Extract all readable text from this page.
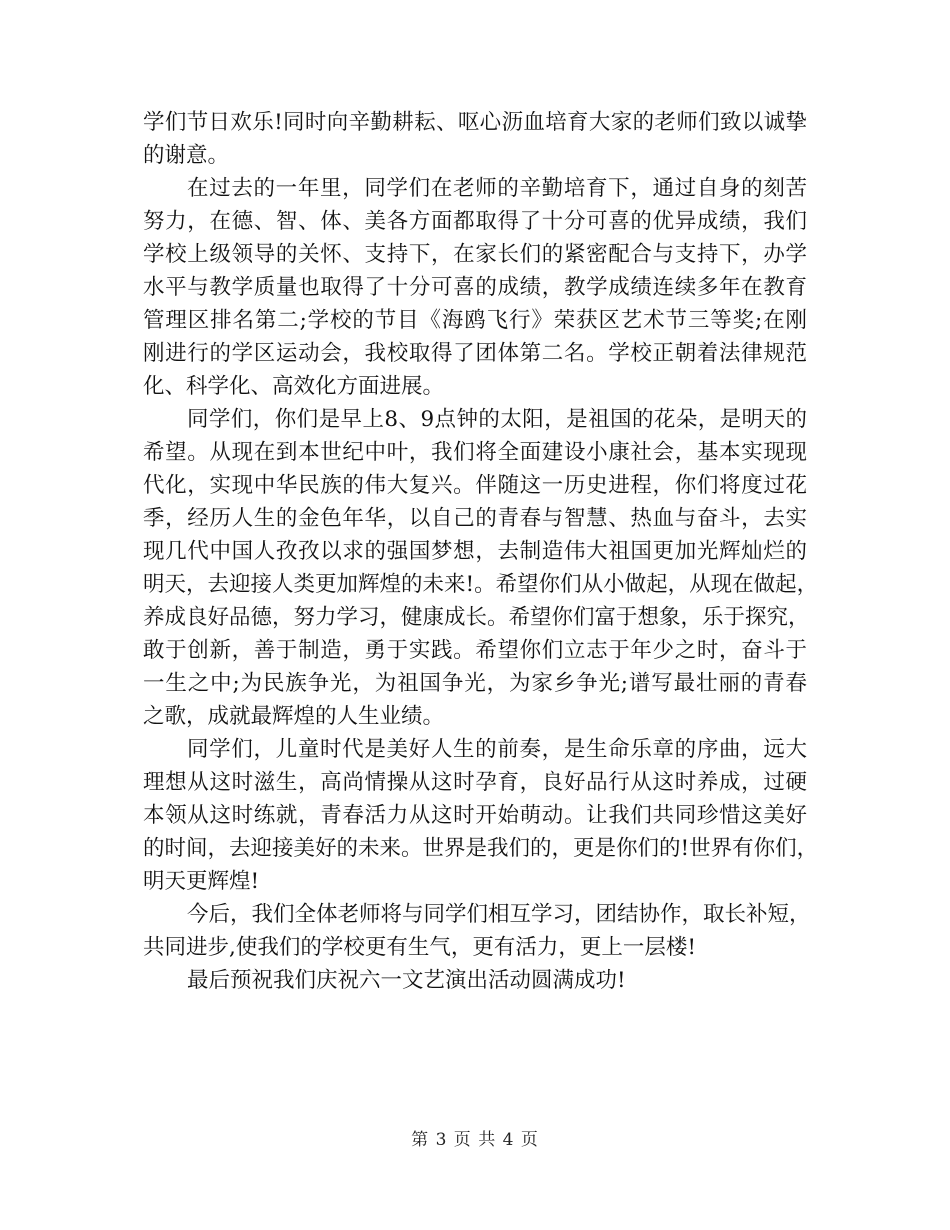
学们节日欢乐!同时向辛勤耕耘、呕心沥血培育大家的老师们致以诚挚
的谢意。
在过去的一年里，同学们在老师的辛勤培育下，通过自身的刻苦
努力，在德、智、体、美各方面都取得了十分可喜的优异成绩，我们
学校上级领导的关怀、支持下，在家长们的紧密配合与支持下，办学
水平与教学质量也取得了十分可喜的成绩，教学成绩连续多年在教育
管理区排名第二;学校的节目《海鸥飞行》荣获区艺术节三等奖;在刚
刚进行的学区运动会，我校取得了团体第二名。学校正朝着法律规范
化、科学化、高效化方面进展。
同学们，你们是早上8、9点钟的太阳，是祖国的花朵，是明天的
希望。从现在到本世纪中叶，我们将全面建设小康社会，基本实现现
代化，实现中华民族的伟大复兴。伴随这一历史进程，你们将度过花
季，经历人生的金色年华，以自己的青春与智慧、热血与奋斗，去实
现几代中国人孜孜以求的强国梦想，去制造伟大祖国更加光辉灿烂的
明天，去迎接人类更加辉煌的未来!。希望你们从小做起，从现在做起，
养成良好品德，努力学习，健康成长。希望你们富于想象，乐于探究，
敢于创新，善于制造，勇于实践。希望你们立志于年少之时，奋斗于
一生之中;为民族争光，为祖国争光，为家乡争光;谱写最壮丽的青春
之歌，成就最辉煌的人生业绩。
同学们，儿童时代是美好人生的前奏，是生命乐章的序曲，远大
理想从这时滋生，高尚情操从这时孕育，良好品行从这时养成，过硬
本领从这时练就，青春活力从这时开始萌动。让我们共同珍惜这美好
的时间，去迎接美好的未来。世界是我们的，更是你们的!世界有你们，
明天更辉煌!
今后，我们全体老师将与同学们相互学习，团结协作，取长补短，
共同进步,使我们的学校更有生气，更有活力，更上一层楼!
最后预祝我们庆祝六一文艺演出活动圆满成功!
第 3 页 共 4 页
